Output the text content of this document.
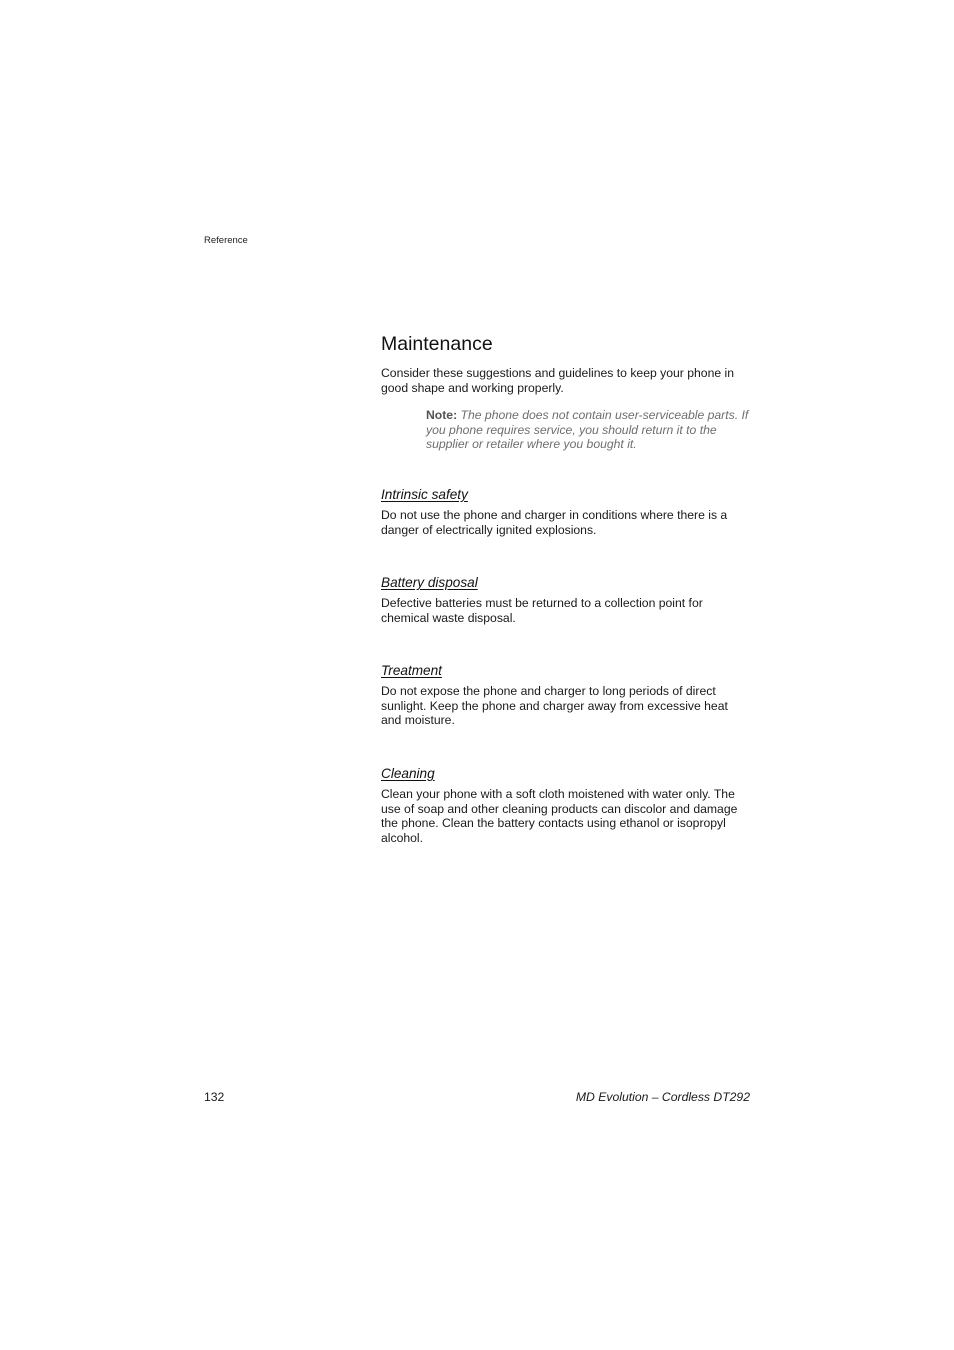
Reference
Maintenance

Consider these suggestions and guidelines to keep your phone in good shape and working properly.

Note: The phone does not contain user-serviceable parts. If you phone requires service, you should return it to the supplier or retailer where you bought it.

Intrinsic safety

Do not use the phone and charger in conditions where there is a danger of electrically ignited explosions.

Battery disposal

Defective batteries must be returned to a collection point for chemical waste disposal.

Treatment

Do not expose the phone and charger to long periods of direct sunlight. Keep the phone and charger away from excessive heat and moisture.

Cleaning

Clean your phone with a soft cloth moistened with water only. The use of soap and other cleaning products can discolor and damage the phone. Clean the battery contacts using ethanol or isopropyl alcohol.

132	MD Evolution – Cordless DT292
